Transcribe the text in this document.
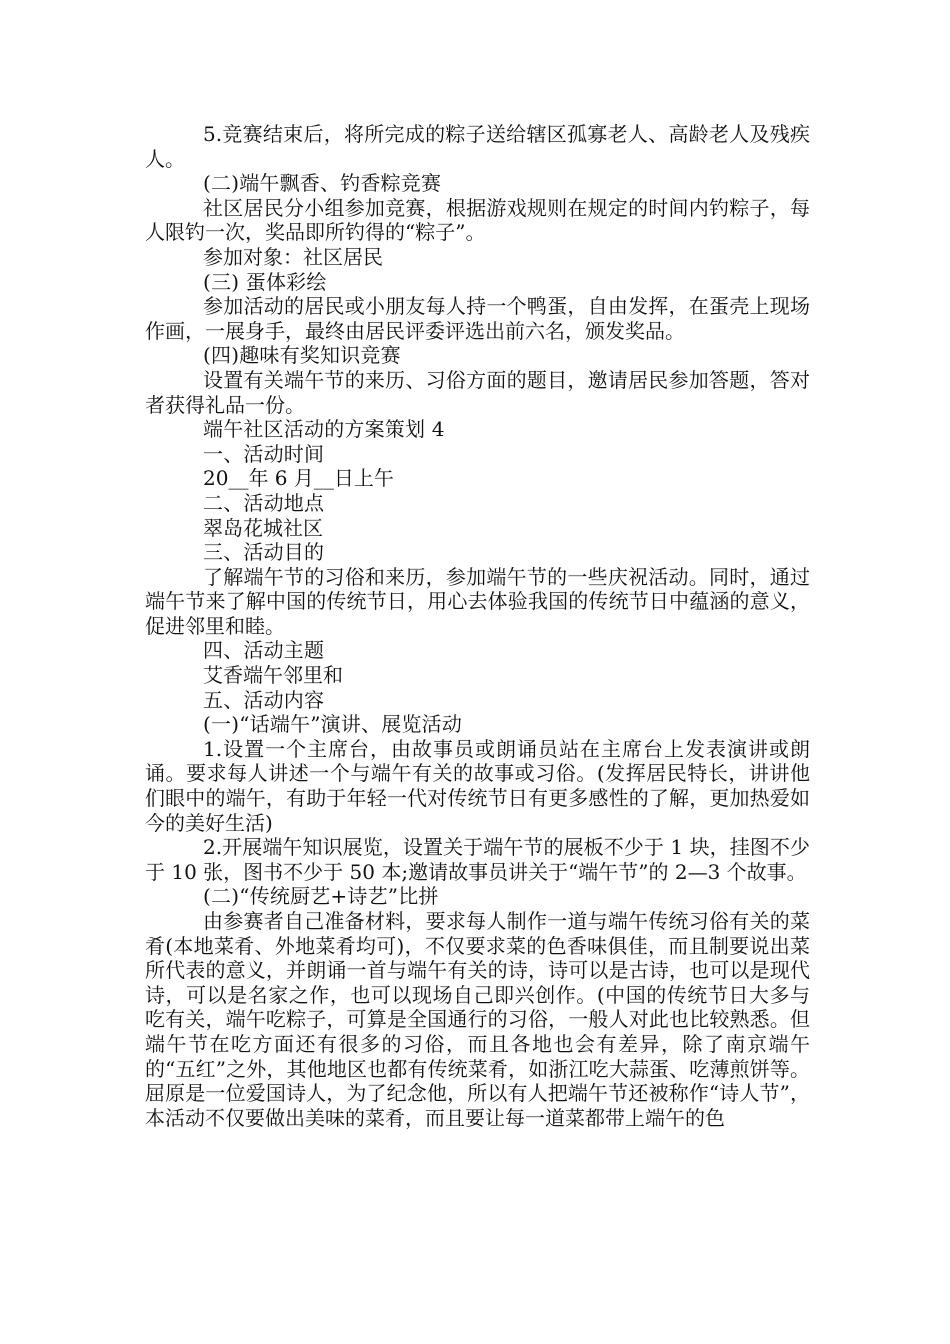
5.竞赛结束后，将所完成的粽子送给辖区孤寡老人、高龄老人及残疾人。

(二)端午飘香、钓香粽竞赛

社区居民分小组参加竞赛，根据游戏规则在规定的时间内钓粽子，每人限钓一次，奖品即所钓得的“粽子”。

参加对象：社区居民

(三) 蛋体彩绘

参加活动的居民或小朋友每人持一个鸭蛋，自由发挥，在蛋壳上现场作画，一展身手，最终由居民评委评选出前六名，颁发奖品。

(四)趣味有奖知识竞赛

设置有关端午节的来历、习俗方面的题目，邀请居民参加答题，答对者获得礼品一份。

端午社区活动的方案策划 4

一、活动时间

20__年 6 月__日上午

二、活动地点

翠岛花城社区

三、活动目的

了解端午节的习俗和来历，参加端午节的一些庆祝活动。同时，通过端午节来了解中国的传统节日，用心去体验我国的传统节日中蕴涵的意义，促进邻里和睦。

四、活动主题

艾香端午邻里和

五、活动内容

(一)“话端午”演讲、展览活动

1.设置一个主席台，由故事员或朗诵员站在主席台上发表演讲或朗诵。要求每人讲述一个与端午有关的故事或习俗。(发挥居民特长，讲讲他们眼中的端午，有助于年轻一代对传统节日有更多感性的了解，更加热爱如今的美好生活)

2.开展端午知识展览，设置关于端午节的展板不少于 1 块，挂图不少于 10 张，图书不少于 50 本;邀请故事员讲关于“端午节”的 2—3 个故事。

(二)“传统厨艺+诗艺”比拼

由参赛者自己准备材料，要求每人制作一道与端午传统习俗有关的菜肴(本地菜肴、外地菜肴均可)，不仅要求菜的色香味俱佳，而且制要说出菜所代表的意义，并朗诵一首与端午有关的诗，诗可以是古诗，也可以是现代诗，可以是名家之作，也可以现场自己即兴创作。(中国的传统节日大多与吃有关，端午吃粽子，可算是全国通行的习俗，一般人对此也比较熟悉。但端午节在吃方面还有很多的习俗，而且各地也会有差异，除了南京端午的“五红”之外，其他地区也都有传统菜肴，如浙江吃大蒜蛋、吃薄煎饼等。屈原是一位爱国诗人，为了纪念他，所以有人把端午节还被称作“诗人节”，本活动不仅要做出美味的菜肴，而且要让每一道菜都带上端午的色
